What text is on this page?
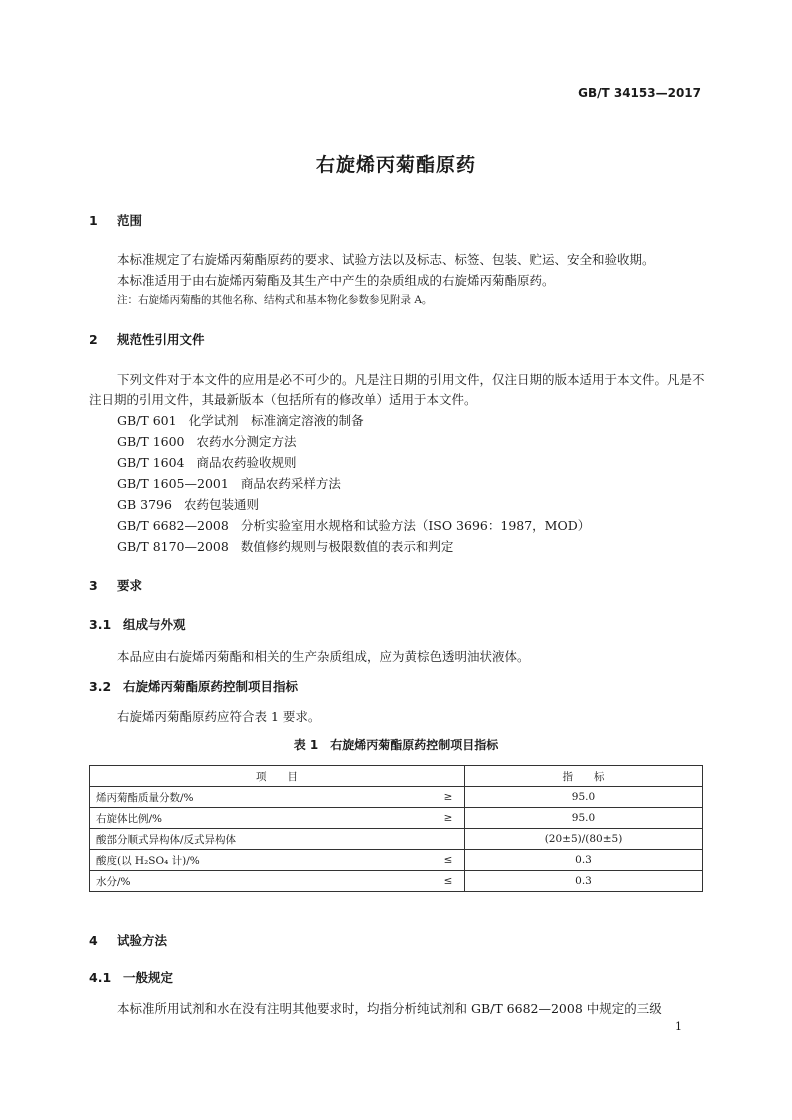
GB/T 34153—2017
右旋烯丙菊酯原药
1 范围
本标准规定了右旋烯丙菊酯原药的要求、试验方法以及标志、标签、包装、贮运、安全和验收期。
本标准适用于由右旋烯丙菊酯及其生产中产生的杂质组成的右旋烯丙菊酯原药。
注：右旋烯丙菊酯的其他名称、结构式和基本物化参数参见附录 A。
2 规范性引用文件
下列文件对于本文件的应用是必不可少的。凡是注日期的引用文件，仅注日期的版本适用于本文件。凡是不注日期的引用文件，其最新版本（包括所有的修改单）适用于本文件。
GB/T 601 化学试剂　标准滴定溶液的制备
GB/T 1600 农药水分测定方法
GB/T 1604 商品农药验收规则
GB/T 1605—2001 商品农药采样方法
GB 3796 农药包装通则
GB/T 6682—2008 分析实验室用水规格和试验方法（ISO 3696：1987，MOD）
GB/T 8170—2008 数值修约规则与极限数值的表示和判定
3 要求
3.1 组成与外观
本品应由右旋烯丙菊酯和相关的生产杂质组成，应为黄棕色透明油状液体。
3.2 右旋烯丙菊酯原药控制项目指标
右旋烯丙菊酯原药应符合表 1 要求。
表 1　右旋烯丙菊酯原药控制项目指标
项　　目		指　　标
烯丙菊酯质量分数/%	≥	95.0
右旋体比例/%	≥	95.0
酸部分顺式异构体/反式异构体		(20±5)/(80±5)
酸度(以 H₂SO₄ 计)/%	≤	0.3
水分/%	≤	0.3
4 试验方法
4.1 一般规定
本标准所用试剂和水在没有注明其他要求时，均指分析纯试剂和 GB/T 6682—2008 中规定的三级
1
